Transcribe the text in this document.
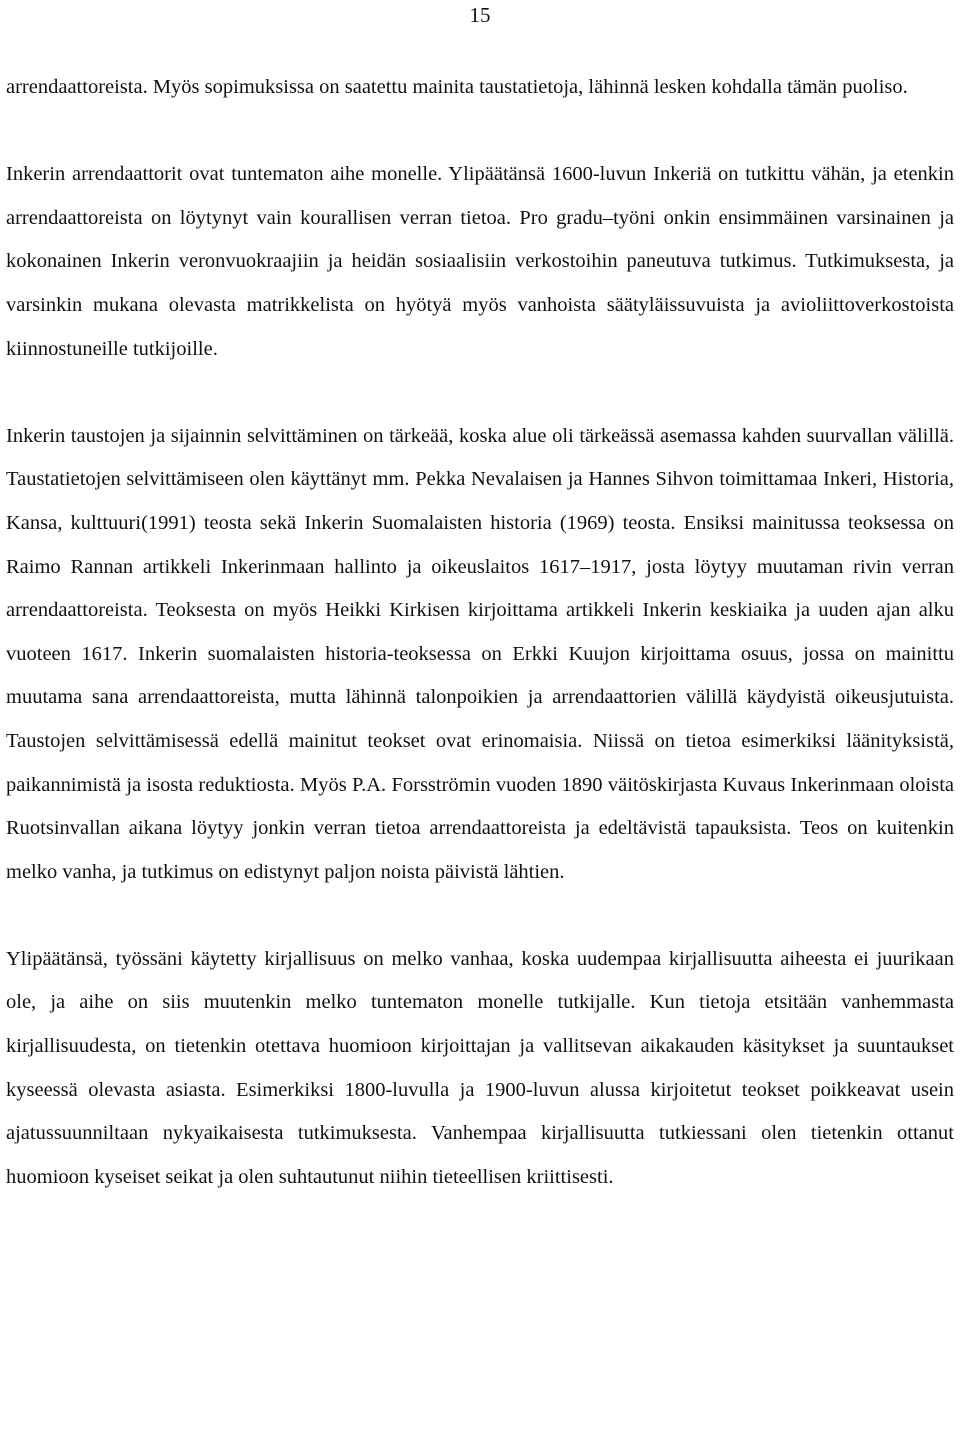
15

arrendaattoreista. Myös sopimuksissa on saatettu mainita taustatietoja, lähinnä lesken kohdalla tämän puoliso.

Inkerin arrendaattorit ovat tuntematon aihe monelle. Ylipäätänsä 1600-luvun Inkeriä on tutkittu vähän, ja etenkin arrendaattoreista on löytynyt vain kourallisen verran tietoa. Pro gradu–työni onkin ensimmäinen varsinainen ja kokonainen Inkerin veronvuokraajiin ja heidän sosiaalisiin verkostoihin paneutuva tutkimus. Tutkimuksesta, ja varsinkin mukana olevasta matrikkelista on hyötyä myös vanhoista säätyläissuvuista ja avioliittoverkostoista kiinnostuneille tutkijoille.

Inkerin taustojen ja sijainnin selvittäminen on tärkeää, koska alue oli tärkeässä asemassa kahden suurvallan välillä. Taustatietojen selvittämiseen olen käyttänyt mm. Pekka Nevalaisen ja Hannes Sihvon toimittamaa Inkeri, Historia, Kansa, kulttuuri(1991) teosta sekä Inkerin Suomalaisten historia (1969) teosta. Ensiksi mainitussa teoksessa on Raimo Rannan artikkeli Inkerinmaan hallinto ja oikeuslaitos 1617–1917, josta löytyy muutaman rivin verran arrendaattoreista. Teoksesta on myös Heikki Kirkisen kirjoittama artikkeli Inkerin keskiaika ja uuden ajan alku vuoteen 1617. Inkerin suomalaisten historia-teoksessa on Erkki Kuujon kirjoittama osuus, jossa on mainittu muutama sana arrendaattoreista, mutta lähinnä talonpoikien ja arrendaattorien välillä käydyistä oikeusjutuista. Taustojen selvittämisessä edellä mainitut teokset ovat erinomaisia. Niissä on tietoa esimerkiksi läänityksistä, paikannimistä ja isosta reduktiosta. Myös P.A. Forsströmin vuoden 1890 väitöskirjasta Kuvaus Inkerinmaan oloista Ruotsinvallan aikana löytyy jonkin verran tietoa arrendaattoreista ja edeltävistä tapauksista. Teos on kuitenkin melko vanha, ja tutkimus on edistynyt paljon noista päivistä lähtien.

Ylipäätänsä, työssäni käytetty kirjallisuus on melko vanhaa, koska uudempaa kirjallisuutta aiheesta ei juurikaan ole, ja aihe on siis muutenkin melko tuntematon monelle tutkijalle. Kun tietoja etsitään vanhemmasta kirjallisuudesta, on tietenkin otettava huomioon kirjoittajan ja vallitsevan aikakauden käsitykset ja suuntaukset kyseessä olevasta asiasta. Esimerkiksi 1800-luvulla ja 1900-luvun alussa kirjoitetut teokset poikkeavat usein ajatussuunniltaan nykyaikaisesta tutkimuksesta. Vanhempaa kirjallisuutta tutkiessani olen tietenkin ottanut huomioon kyseiset seikat ja olen suhtautunut niihin tieteellisen kriittisesti.
